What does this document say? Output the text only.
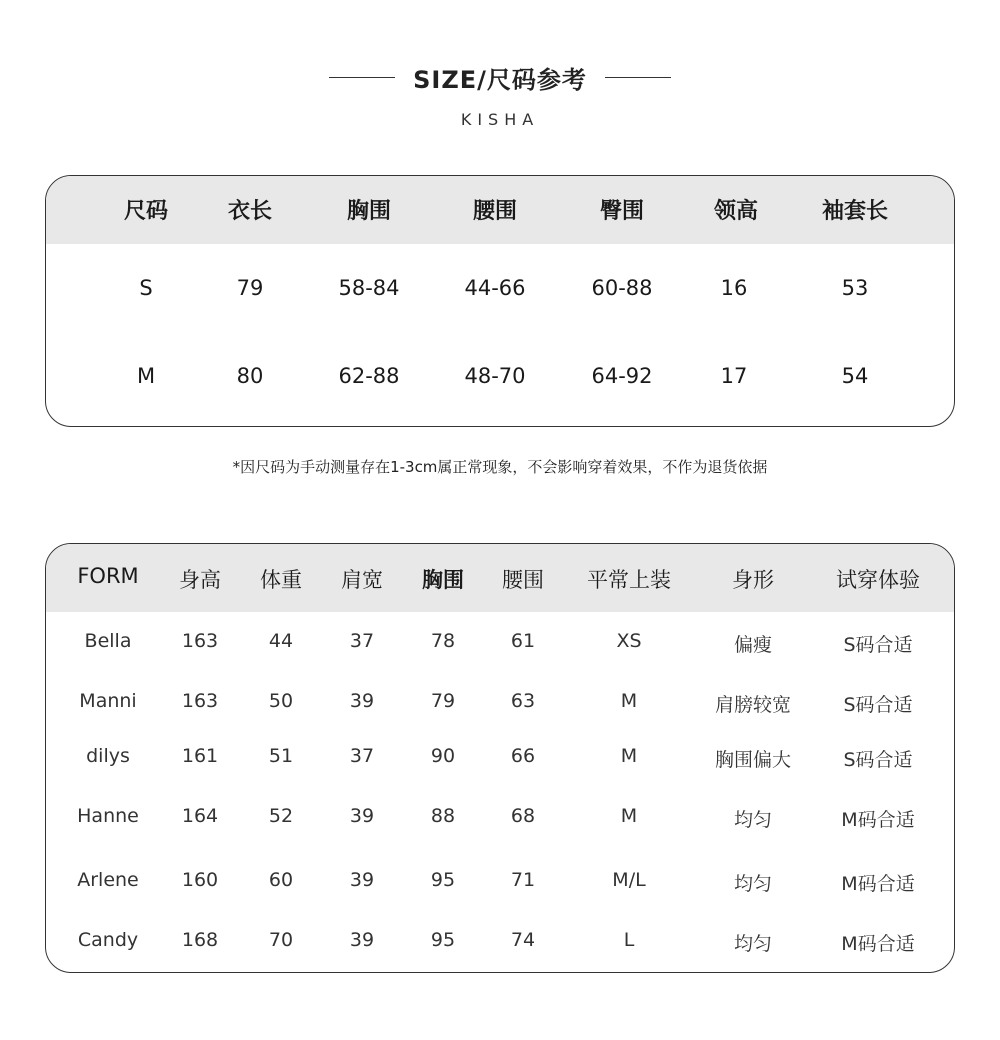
SIZE/尺码参考
KISHA
尺码	衣长	胸围	腰围	臀围	领高	袖套长
S	79	58-84	44-66	60-88	16	53
M	80	62-88	48-70	64-92	17	54
*因尺码为手动测量存在1-3cm属正常现象，不会影响穿着效果，不作为退货依据
FORM 身高 体重 肩宽 胸围 腰围 平常上装	身形	试穿体验
Bella	163	44	37	78	61	XS	偏瘦	S码合适
Manni 163	50	39	79	63	M	肩膀较宽	S码合适
dilys	161	51	37	90	66	M	胸围偏大	S码合适
Hanne 164	52	39	88	68	M	均匀	M码合适
Arlene 160	60	39	95	71	M/L	均匀	M码合适
Candy 168	70	39	95	74	L	均匀	M码合适
